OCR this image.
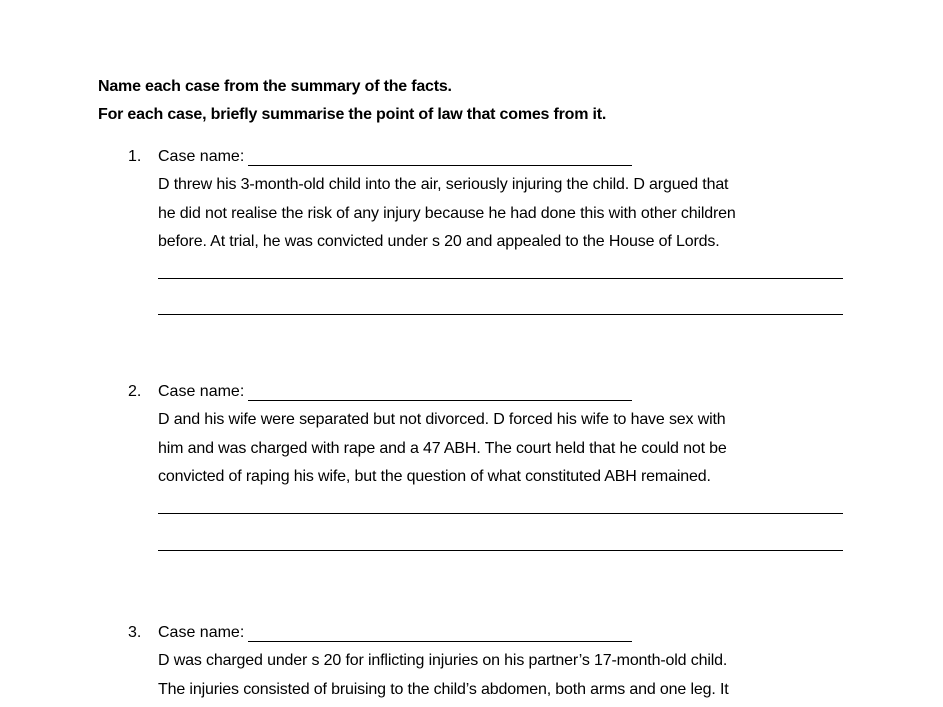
Name each case from the summary of the facts.
For each case, briefly summarise the point of law that comes from it.
1. Case name:
D threw his 3-month-old child into the air, seriously injuring the child. D argued that
he did not realise the risk of any injury because he had done this with other children
before. At trial, he was convicted under s 20 and appealed to the House of Lords.
2. Case name:
D and his wife were separated but not divorced. D forced his wife to have sex with
him and was charged with rape and a 47 ABH. The court held that he could not be
convicted of raping his wife, but the question of what constituted ABH remained.
3. Case name:
D was charged under s 20 for inflicting injuries on his partner’s 17-month-old child.
The injuries consisted of bruising to the child’s abdomen, both arms and one leg. It
